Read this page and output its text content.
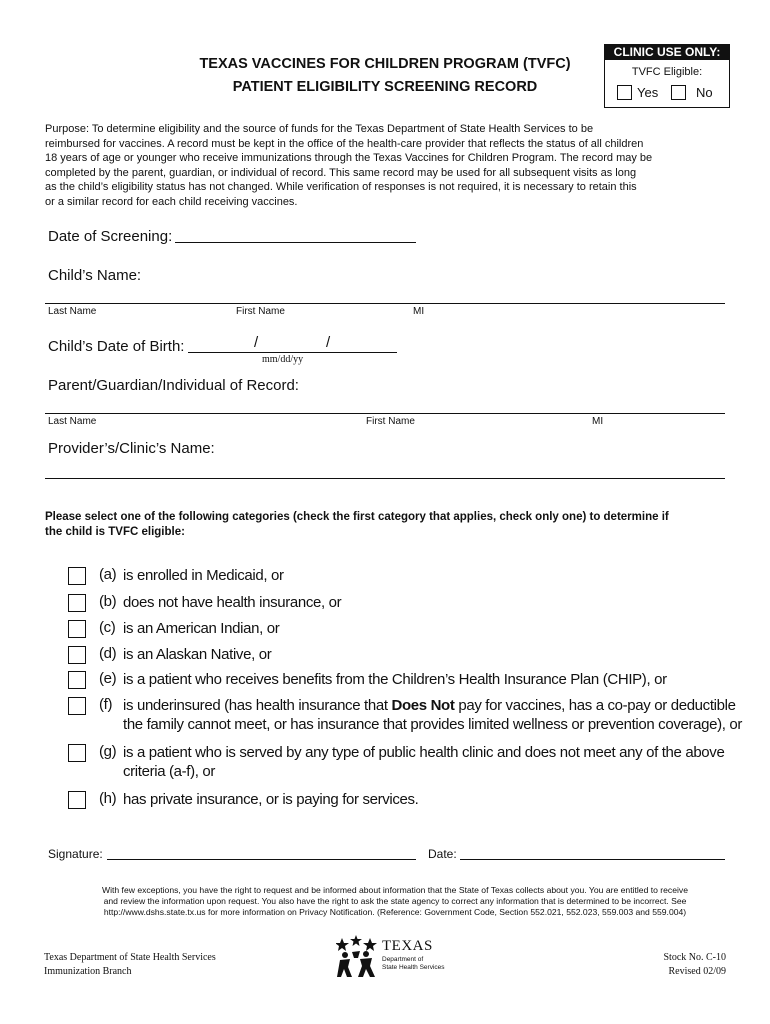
TEXAS VACCINES FOR CHILDREN PROGRAM (TVFC)
PATIENT ELIGIBILITY SCREENING RECORD
CLINIC USE ONLY:
TVFC Eligible:
Yes	No
Purpose: To determine eligibility and the source of funds for the Texas Department of State Health Services to be
reimbursed for vaccines. A record must be kept in the office of the health-care provider that reflects the status of all children
18 years of age or younger who receive immunizations through the Texas Vaccines for Children Program. The record may be
completed by the parent, guardian, or individual of record. This same record may be used for all subsequent visits as long
as the child’s eligibility status has not changed. While verification of responses is not required, it is necessary to retain this
or a similar record for each child receiving vaccines.
Date of Screening:
Child’s Name:
Last Name	First Name	MI
Child’s Date of Birth:	/	/
mm/dd/yy
Parent/Guardian/Individual of Record:
Last Name	First Name	MI
Provider’s/Clinic’s Name:
Please select one of the following categories (check the first category that applies, check only one) to determine if
the child is TVFC eligible:
(a) is enrolled in Medicaid, or
(b) does not have health insurance, or
(c) is an American Indian, or
(d) is an Alaskan Native, or
(e) is a patient who receives benefits from the Children’s Health Insurance Plan (CHIP), or
(f) is underinsured (has health insurance that Does Not pay for vaccines, has a co-pay or deductible
the family cannot meet, or has insurance that provides limited wellness or prevention coverage), or
(g) is a patient who is served by any type of public health clinic and does not meet any of the above
criteria (a-f), or
(h) has private insurance, or is paying for services.
Signature:	Date:
With few exceptions, you have the right to request and be informed about information that the State of Texas collects about you. You are entitled to receive
and review the information upon request. You also have the right to ask the state agency to correct any information that is determined to be incorrect. See
http://www.dshs.state.tx.us for more information on Privacy Notification. (Reference: Government Code, Section 552.021, 552.023, 559.003 and 559.004)
Texas Department of State Health Services
Immunization Branch
TEXAS
Department of
State Health Services
Stock No. C-10
Revised 02/09
